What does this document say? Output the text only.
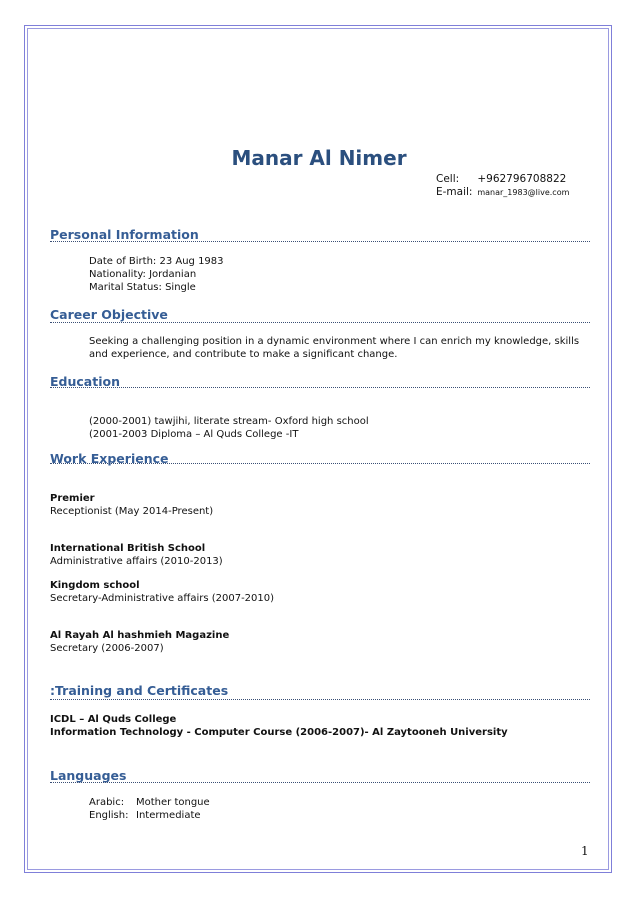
Manar Al Nimer
Cell: +962796708822
E-mail: manar_1983@live.com
Personal Information
Date of Birth: 23 Aug 1983
Nationality: Jordanian
Marital Status: Single
Career Objective
Seeking a challenging position in a dynamic environment where I can enrich my knowledge, skills and experience, and contribute to make a significant change.
Education
(2000-2001) tawjihi, literate stream- Oxford high school
(2001-2003 Diploma – Al Quds College -IT
Work Experience
Premier
Receptionist (May 2014-Present)
International British School
Administrative affairs (2010-2013)
Kingdom school
Secretary-Administrative affairs (2007-2010)
Al Rayah Al hashmieh Magazine
Secretary (2006-2007)
:Training and Certificates
ICDL – Al Quds College
Information Technology - Computer Course (2006-2007)- Al Zaytooneh University
Languages
Arabic: Mother tongue
English: Intermediate
1
